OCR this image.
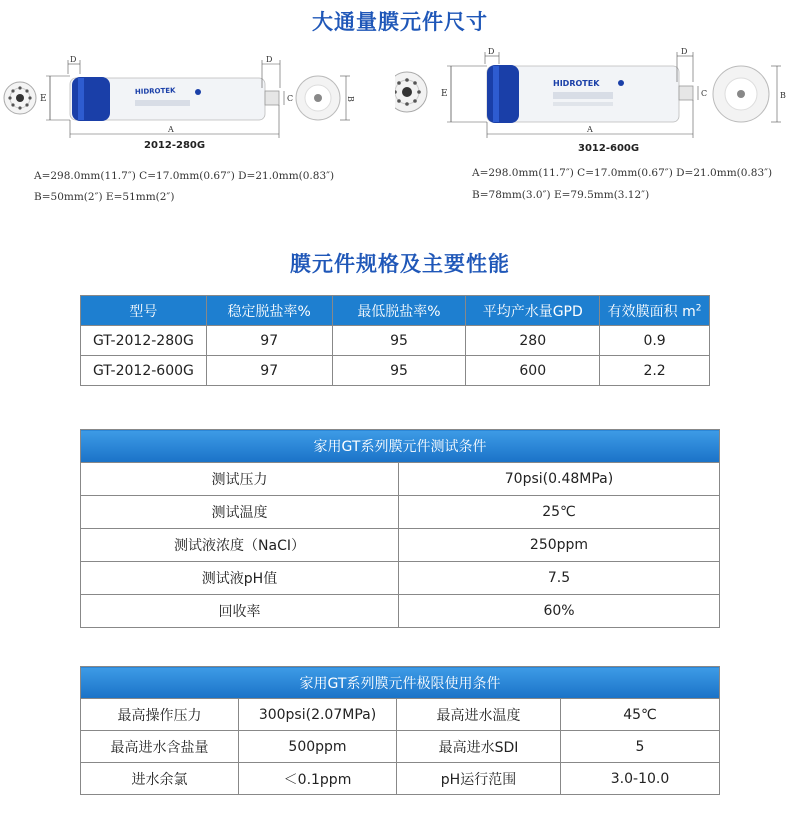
大通量膜元件尺寸
E
D
HIDROTEK
D
C
A
B
2012-280G
A=298.0mm(11.7″) C=17.0mm(0.67″) D=21.0mm(0.83″)
B=50mm(2″) E=51mm(2″)
E
D
HIDROTEK
D
C
A
B
3012-600G
A=298.0mm(11.7″) C=17.0mm(0.67″) D=21.0mm(0.83″)
B=78mm(3.0″) E=79.5mm(3.12″)
膜元件规格及主要性能
型号	稳定脱盐率%	最低脱盐率%	平均产水量GPD	有效膜面积 $m^2$
GT-2012-280G	97	95	280	0.9
GT-2012-600G	97	95	600	2.2
家用GT系列膜元件测试条件	
测试压力	70psi(0.48MPa)
测试温度	25℃
测试液浓度（NaCI）	250ppm
测试液pH值	7.5
回收率	60%
家用GT系列膜元件极限使用条件			
最高操作压力	300psi(2.07MPa)	最高进水温度	45℃
最高进水含盐量	500ppm	最高进水SDI	5
进水余氯	＜0.1ppm	pH运行范围	3.0-10.0
